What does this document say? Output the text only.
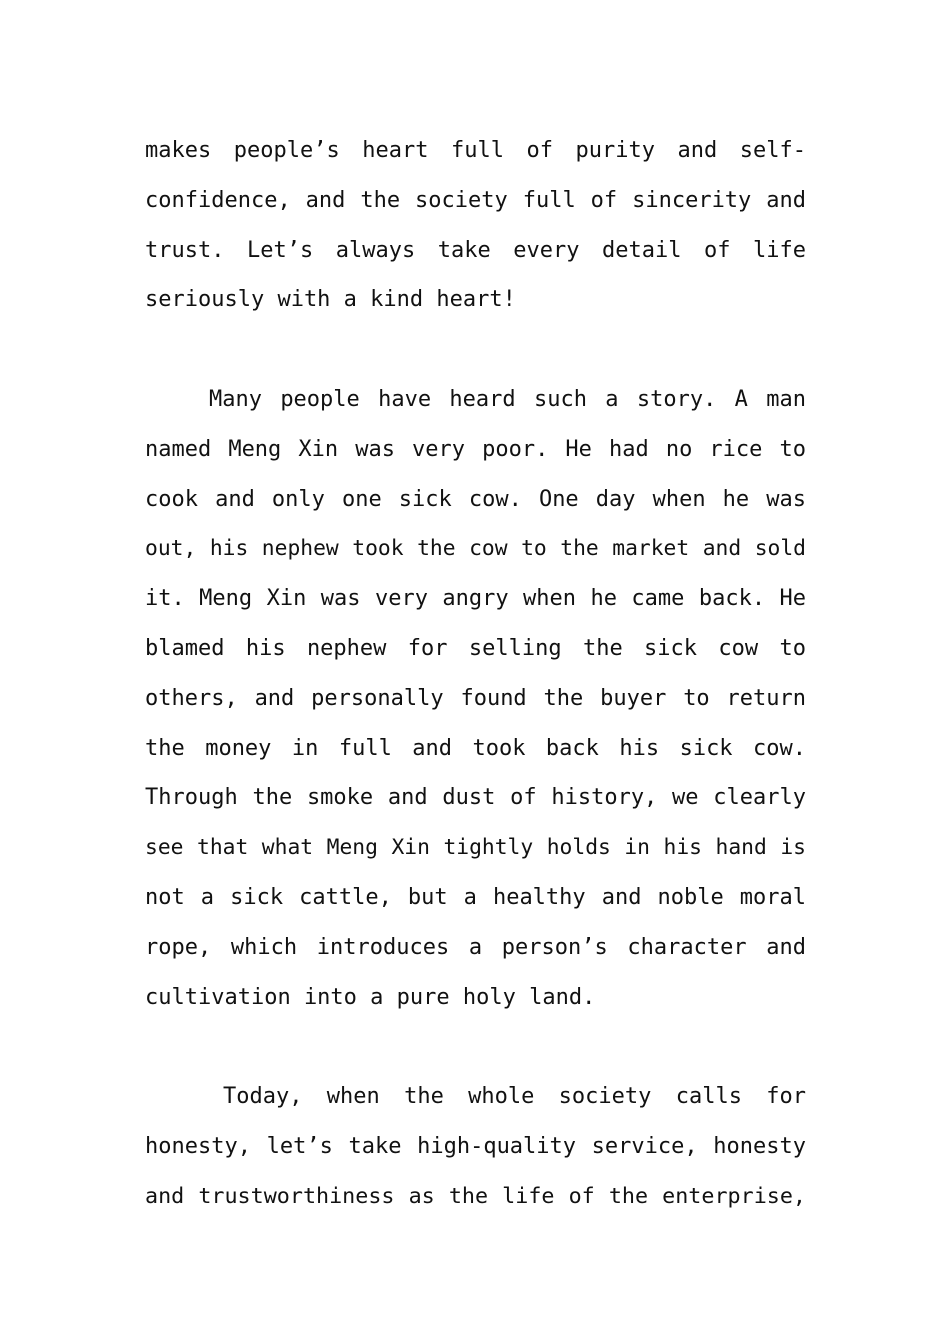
makes people’s heart full of purity and self-
confidence, and the society full of sincerity and
trust. Let’s always take every detail of life
seriously with a kind heart!
Many people have heard such a story. A man
named Meng Xin was very poor. He had no rice to
cook and only one sick cow. One day when he was
out, his nephew took the cow to the market and sold
it. Meng Xin was very angry when he came back. He
blamed his nephew for selling the sick cow to
others, and personally found the buyer to return
the money in full and took back his sick cow.
Through the smoke and dust of history, we clearly
see that what Meng Xin tightly holds in his hand is
not a sick cattle, but a healthy and noble moral
rope, which introduces a person’s character and
cultivation into a pure holy land.
Today, when the whole society calls for
honesty, let’s take high-quality service, honesty
and trustworthiness as the life of the enterprise,
